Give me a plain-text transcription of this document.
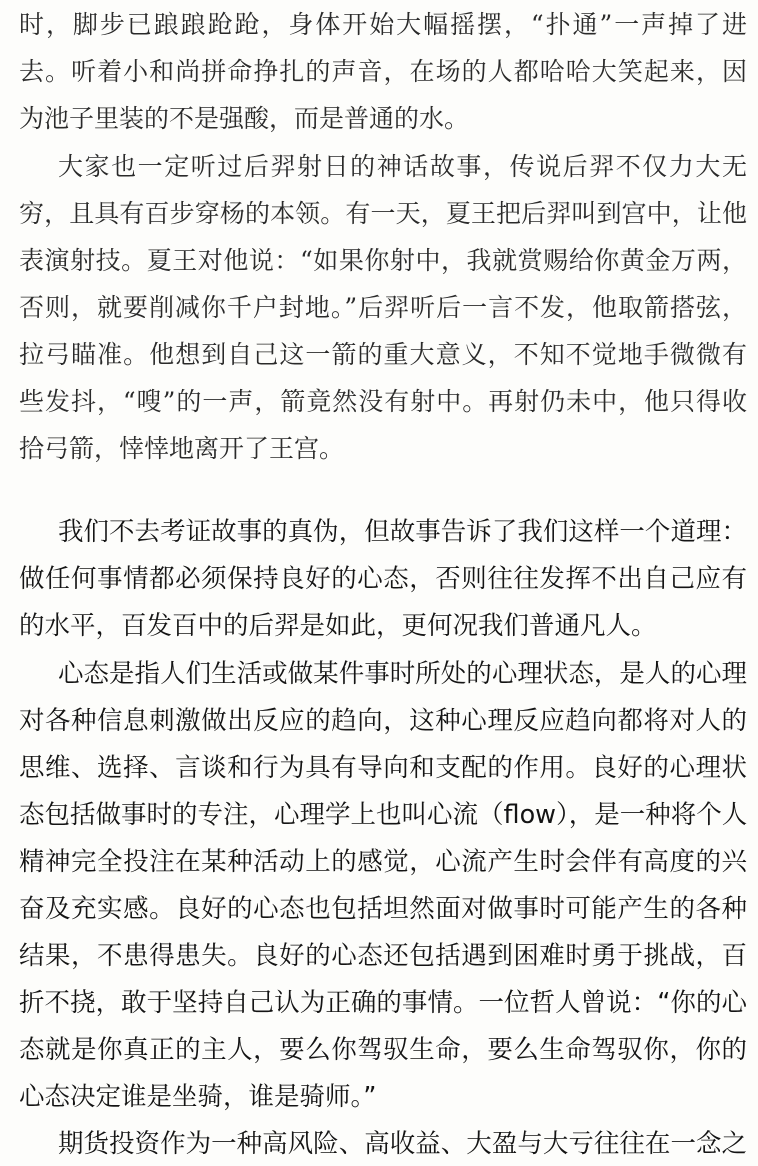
时，脚步已踉踉跄跄，身体开始大幅摇摆，“扑通”一声掉了进
去。听着小和尚拼命挣扎的声音，在场的人都哈哈大笑起来，因
为池子里装的不是强酸，而是普通的水。
大家也一定听过后羿射日的神话故事，传说后羿不仅力大无
穷，且具有百步穿杨的本领。有一天，夏王把后羿叫到宫中，让他
表演射技。夏王对他说：“如果你射中，我就赏赐给你黄金万两，
否则，就要削减你千户封地。”后羿听后一言不发，他取箭搭弦，
拉弓瞄准。他想到自己这一箭的重大意义，不知不觉地手微微有
些发抖，“嗖”的一声，箭竟然没有射中。再射仍未中，他只得收
拾弓箭，悻悻地离开了王宫。
我们不去考证故事的真伪，但故事告诉了我们这样一个道理：
做任何事情都必须保持良好的心态，否则往往发挥不出自己应有
的水平，百发百中的后羿是如此，更何况我们普通凡人。
心态是指人们生活或做某件事时所处的心理状态，是人的心理
对各种信息刺激做出反应的趋向，这种心理反应趋向都将对人的
思维、选择、言谈和行为具有导向和支配的作用。良好的心理状
态包括做事时的专注，心理学上也叫心流（flow），是一种将个人
精神完全投注在某种活动上的感觉，心流产生时会伴有高度的兴
奋及充实感。良好的心态也包括坦然面对做事时可能产生的各种
结果，不患得患失。良好的心态还包括遇到困难时勇于挑战，百
折不挠，敢于坚持自己认为正确的事情。一位哲人曾说：“你的心
态就是你真正的主人，要么你驾驭生命，要么生命驾驭你，你的
心态决定谁是坐骑，谁是骑师。”
期货投资作为一种高风险、高收益、大盈与大亏往往在一念之
